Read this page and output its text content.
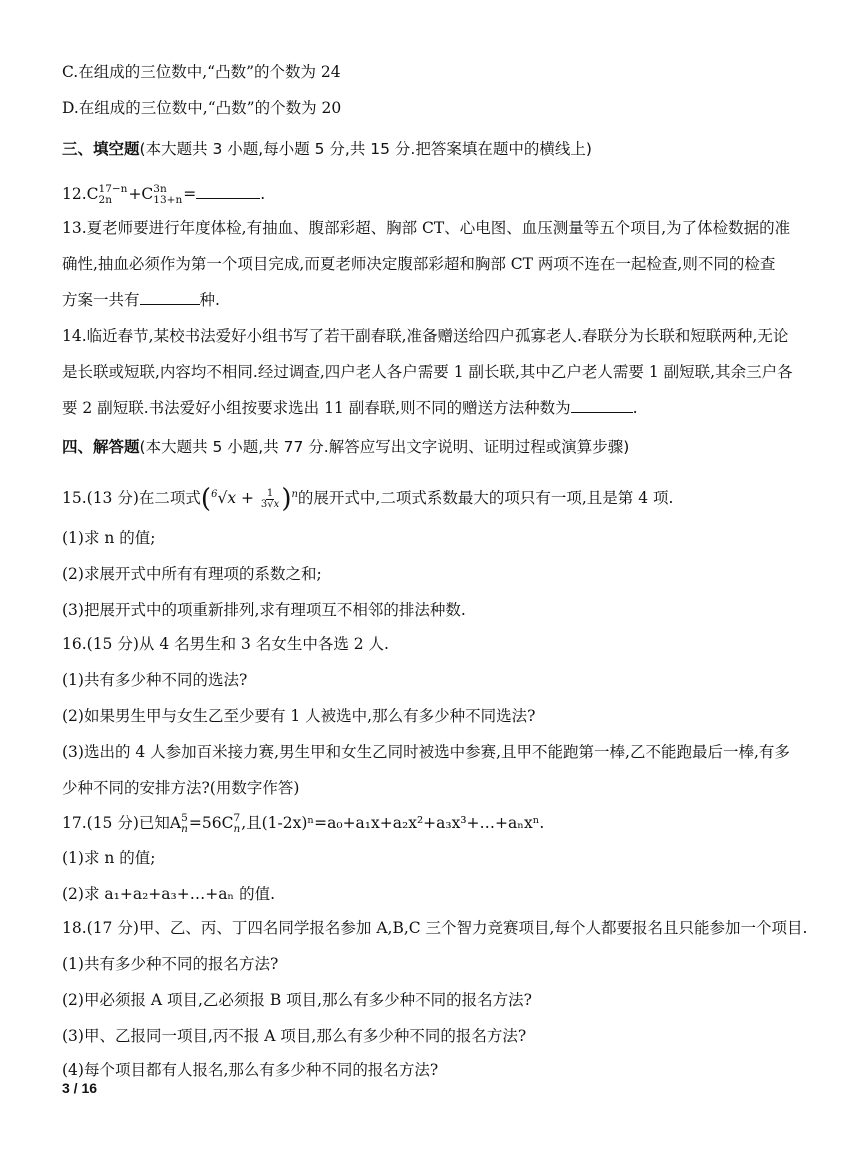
C.在组成的三位数中,“凸数”的个数为 24
D.在组成的三位数中,“凸数”的个数为 20
三、填空题(本大题共 3 小题,每小题 5 分,共 15 分.把答案填在题中的横线上)
12.C 17−n
2n	+C 3n
13+n =	.
13.夏老师要进行年度体检,有抽血、腹部彩超、胸部 CT、心电图、血压测量等五个项目,为了体检数据的准
确性,抽血必须作为第一个项目完成,而夏老师决定腹部彩超和胸部 CT 两项不连在一起检查,则不同的检查
方案一共有	种.
14.临近春节,某校书法爱好小组书写了若干副春联,准备赠送给四户孤寡老人.春联分为长联和短联两种,无论
是长联或短联,内容均不相同.经过调查,四户老人各户需要 1 副长联,其中乙户老人需要 1 副短联,其余三户各
要 2 副短联.书法爱好小组按要求选出 11 副春联,则不同的赠送方法种数为	.
四、解答题(本大题共 5 小题,共 77 分.解答应写出文字说明、证明过程或演算步骤)
15.(13 分)在二项式$(^6√x + \frac{1}{3√x} )^n$的展开式中,二项式系数最大的项只有一项,且是第 4 项.
(1)求 n 的值;
(2)求展开式中所有有理项的系数之和;
(3)把展开式中的项重新排列,求有理项互不相邻的排法种数.
16.(15 分)从 4 名男生和 3 名女生中各选 2 人.
(1)共有多少种不同的选法?
(2)如果男生甲与女生乙至少要有 1 人被选中,那么有多少种不同选法?
(3)选出的 4 人参加百米接力赛,男生甲和女生乙同时被选中参赛,且甲不能跑第一棒,乙不能跑最后一棒,有多
少种不同的安排方法?(用数字作答)
17.(15 分)已知A 5
n =56C 7
n ,且(1-2x)ⁿ=a₀+a₁x+a₂x²+a₃x³+…+aₙxⁿ.
(1)求 n 的值;
(2)求 a₁+a₂+a₃+…+aₙ 的值.
18.(17 分)甲、乙、丙、丁四名同学报名参加 A,B,C 三个智力竞赛项目,每个人都要报名且只能参加一个项目.
(1)共有多少种不同的报名方法?
(2)甲必须报 A 项目,乙必须报 B 项目,那么有多少种不同的报名方法?
(3)甲、乙报同一项目,丙不报 A 项目,那么有多少种不同的报名方法?
(4)每个项目都有人报名,那么有多少种不同的报名方法?
3 / 16
